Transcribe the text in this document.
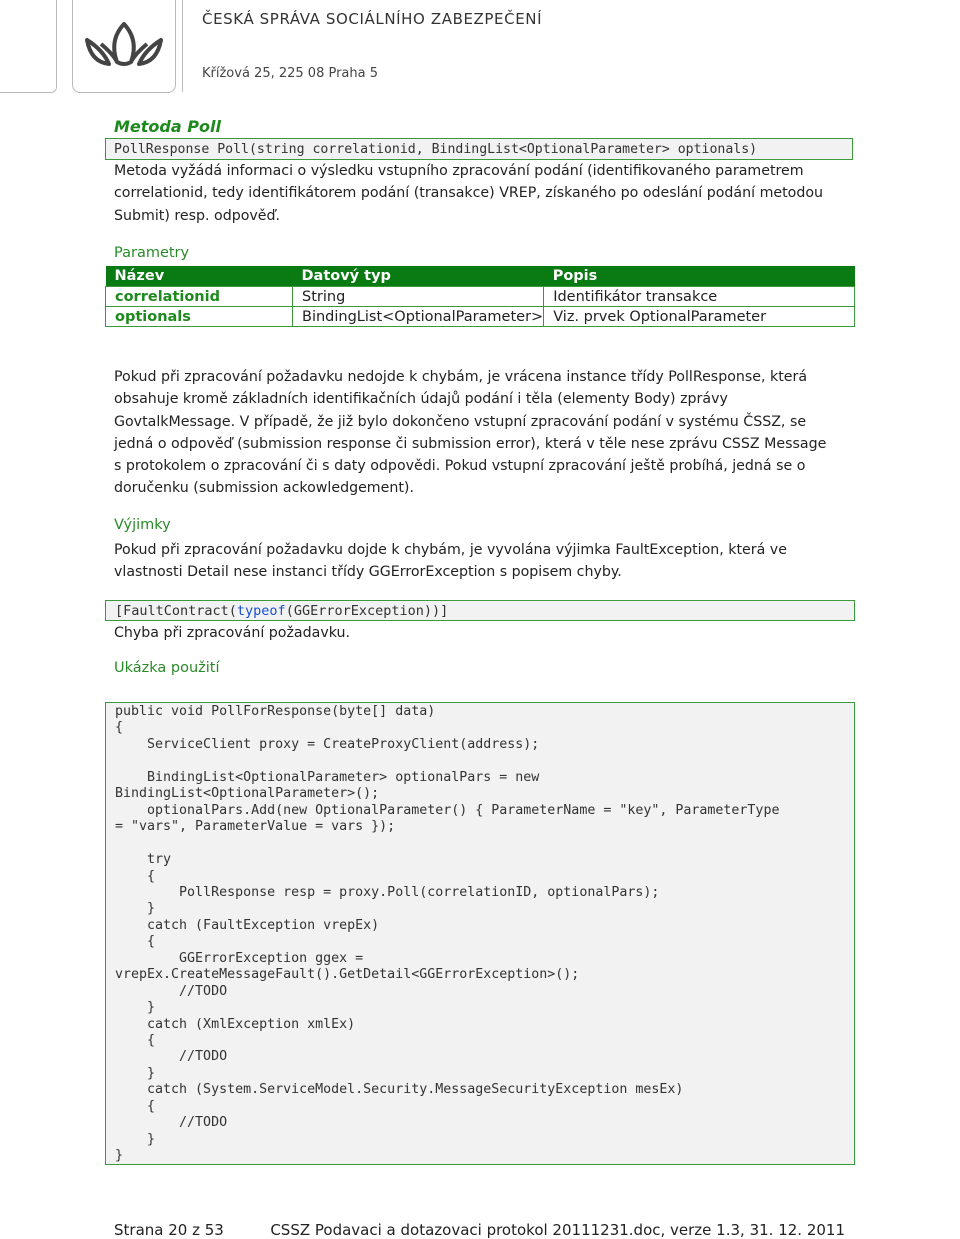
ČESKÁ SPRÁVA SOCIÁLNÍHO ZABEZPEČENÍ
Křížová 25, 225 08 Praha 5
Metoda Poll
PollResponse Poll(string correlationid, BindingList<OptionalParameter> optionals)
Metoda vyžádá informaci o výsledku vstupního zpracování podání (identifikovaného parametrem
correlationid, tedy identifikátorem podání (transakce) VREP, získaného po odeslání podání metodou
Submit) resp. odpověď.
Parametry
Název	Datový typ	Popis
correlationid	String	Identifikátor transakce
optionals	BindingList<OptionalParameter>	Viz. prvek OptionalParameter
Pokud při zpracování požadavku nedojde k chybám, je vrácena instance třídy PollResponse, která
obsahuje kromě základních identifikačních údajů podání i těla (elementy Body) zprávy
GovtalkMessage. V případě, že již bylo dokončeno vstupní zpracování podání v systému ČSSZ, se
jedná o odpověď (submission response či submission error), která v těle nese zprávu CSSZ Message
s protokolem o zpracování či s daty odpovědi. Pokud vstupní zpracování ještě probíhá, jedná se o
doručenku (submission ackowledgement).
Výjimky
Pokud při zpracování požadavku dojde k chybám, je vyvolána výjimka FaultException, která ve
vlastnosti Detail nese instanci třídy GGErrorException s popisem chyby.
[FaultContract(typeof(GGErrorException))]
Chyba při zpracování požadavku.
Ukázka použití
public void PollForResponse(byte[] data)
{
ServiceClient proxy = CreateProxyClient(address);
BindingList<OptionalParameter> optionalPars = new
BindingList<OptionalParameter>();
optionalPars.Add(new OptionalParameter() { ParameterName = "key", ParameterType
= "vars", ParameterValue = vars });
try
{
PollResponse resp = proxy.Poll(correlationID, optionalPars);
}
catch (FaultException vrepEx)
{
GGErrorException ggex =
vrepEx.CreateMessageFault().GetDetail<GGErrorException>();
//TODO
}
catch (XmlException xmlEx)
{
//TODO
}
catch (System.ServiceModel.Security.MessageSecurityException mesEx)
{
//TODO
}
}
Strana 20 z 53	CSSZ Podavaci a dotazovaci protokol 20111231.doc, verze 1.3, 31. 12. 2011
